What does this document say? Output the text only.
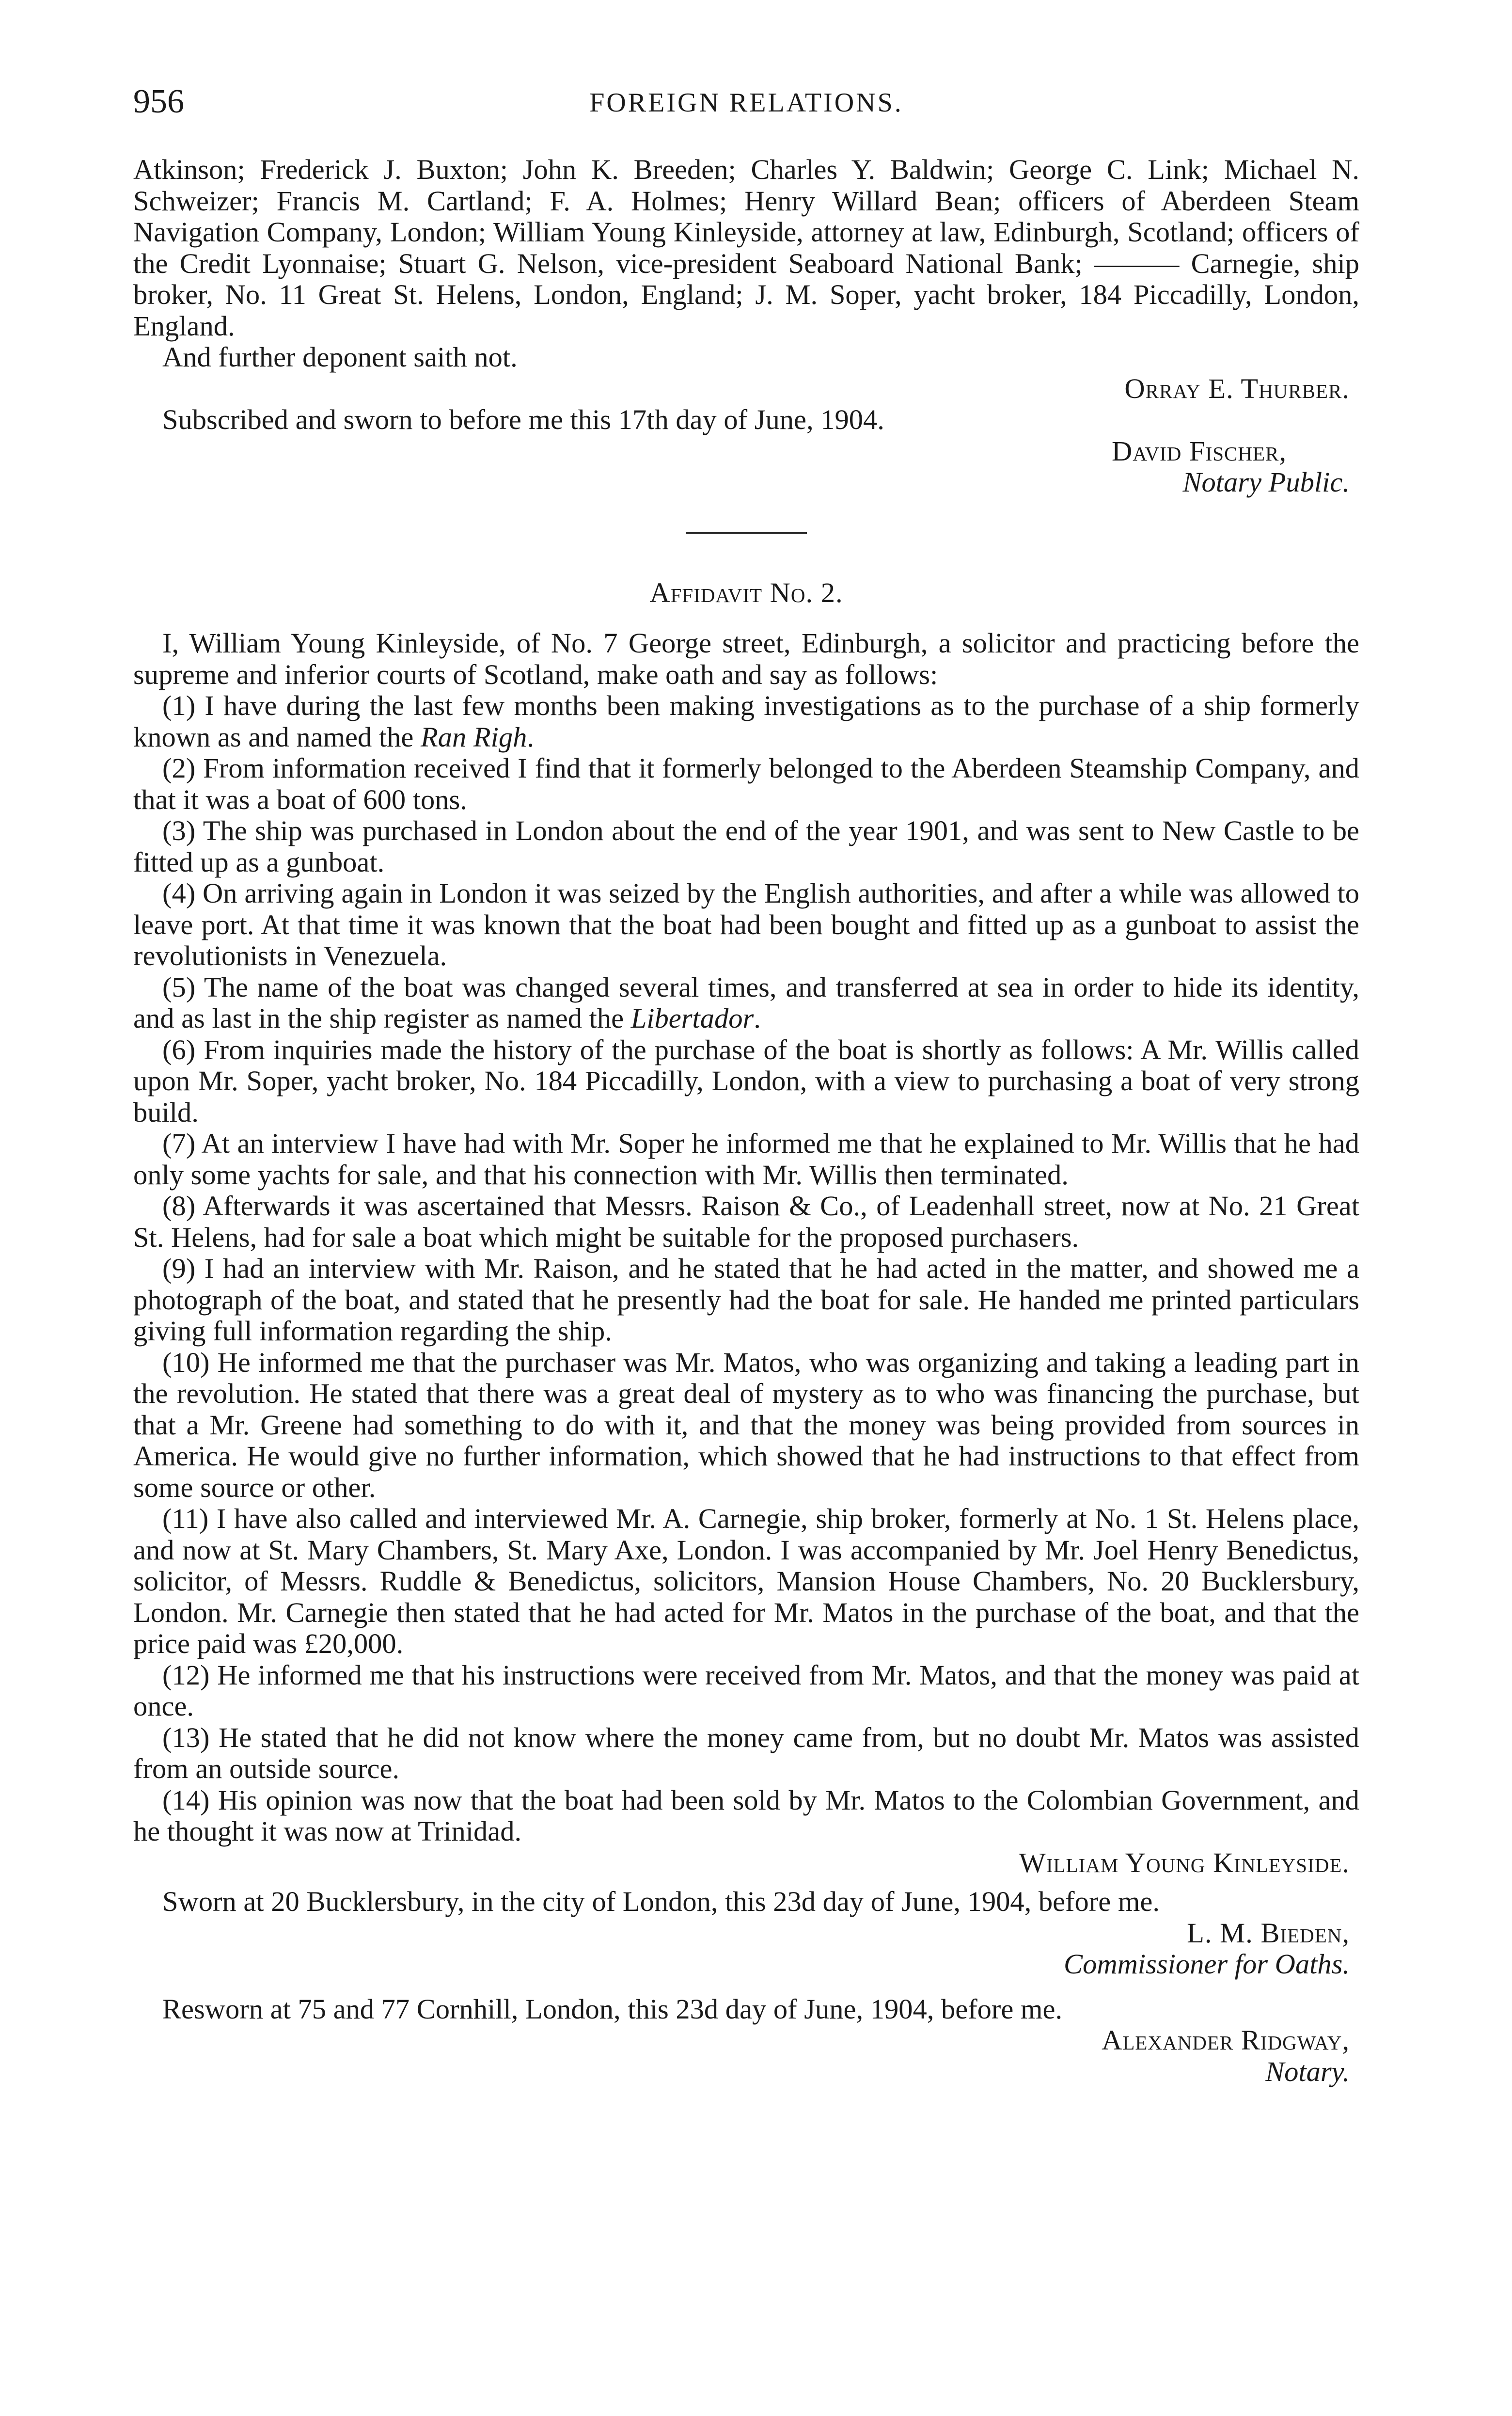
956	FOREIGN RELATIONS.

Atkinson; Frederick J. Buxton; John K. Breeden; Charles Y. Baldwin; George C. Link; Michael N. Schweizer; Francis M. Cartland; F. A. Holmes; Henry Willard Bean; officers of Aberdeen Steam Navigation Company, London; William Young Kinleyside, attorney at law, Edinburgh, Scotland; officers of the Credit Lyonnaise; Stuart G. Nelson, vice-president Seaboard National Bank; ——— Carnegie, ship broker, No. 11 Great St. Helens, London, England; J. M. Soper, yacht broker, 184 Piccadilly, London, England.

And further deponent saith not.

Orray E. Thurber.

Subscribed and sworn to before me this 17th day of June, 1904.

David Fischer,

Notary Public.

Affidavit No. 2.

I, William Young Kinleyside, of No. 7 George street, Edinburgh, a solicitor and practicing before the supreme and inferior courts of Scotland, make oath and say as follows:

(1) I have during the last few months been making investigations as to the purchase of a ship formerly known as and named the Ran Righ.

(2) From information received I find that it formerly belonged to the Aberdeen Steamship Company, and that it was a boat of 600 tons.

(3) The ship was purchased in London about the end of the year 1901, and was sent to New Castle to be fitted up as a gunboat.

(4) On arriving again in London it was seized by the English authorities, and after a while was allowed to leave port. At that time it was known that the boat had been bought and fitted up as a gunboat to assist the revolutionists in Venezuela.

(5) The name of the boat was changed several times, and transferred at sea in order to hide its identity, and as last in the ship register as named the Libertador.

(6) From inquiries made the history of the purchase of the boat is shortly as follows: A Mr. Willis called upon Mr. Soper, yacht broker, No. 184 Piccadilly, London, with a view to purchasing a boat of very strong build.

(7) At an interview I have had with Mr. Soper he informed me that he explained to Mr. Willis that he had only some yachts for sale, and that his connection with Mr. Willis then terminated.

(8) Afterwards it was ascertained that Messrs. Raison & Co., of Leadenhall street, now at No. 21 Great St. Helens, had for sale a boat which might be suitable for the proposed purchasers.

(9) I had an interview with Mr. Raison, and he stated that he had acted in the matter, and showed me a photograph of the boat, and stated that he presently had the boat for sale. He handed me printed particulars giving full information regarding the ship.

(10) He informed me that the purchaser was Mr. Matos, who was organizing and taking a leading part in the revolution. He stated that there was a great deal of mystery as to who was financing the purchase, but that a Mr. Greene had something to do with it, and that the money was being provided from sources in America. He would give no further information, which showed that he had instructions to that effect from some source or other.

(11) I have also called and interviewed Mr. A. Carnegie, ship broker, formerly at No. 1 St. Helens place, and now at St. Mary Chambers, St. Mary Axe, London. I was accompanied by Mr. Joel Henry Benedictus, solicitor, of Messrs. Ruddle & Benedictus, solicitors, Mansion House Chambers, No. 20 Bucklersbury, London. Mr. Carnegie then stated that he had acted for Mr. Matos in the purchase of the boat, and that the price paid was £20,000.

(12) He informed me that his instructions were received from Mr. Matos, and that the money was paid at once.

(13) He stated that he did not know where the money came from, but no doubt Mr. Matos was assisted from an outside source.

(14) His opinion was now that the boat had been sold by Mr. Matos to the Colombian Government, and he thought it was now at Trinidad.

William Young Kinleyside.

Sworn at 20 Bucklersbury, in the city of London, this 23d day of June, 1904, before me.

L. M. Bieden,

Commissioner for Oaths.

Resworn at 75 and 77 Cornhill, London, this 23d day of June, 1904, before me.

Alexander Ridgway,

Notary.
